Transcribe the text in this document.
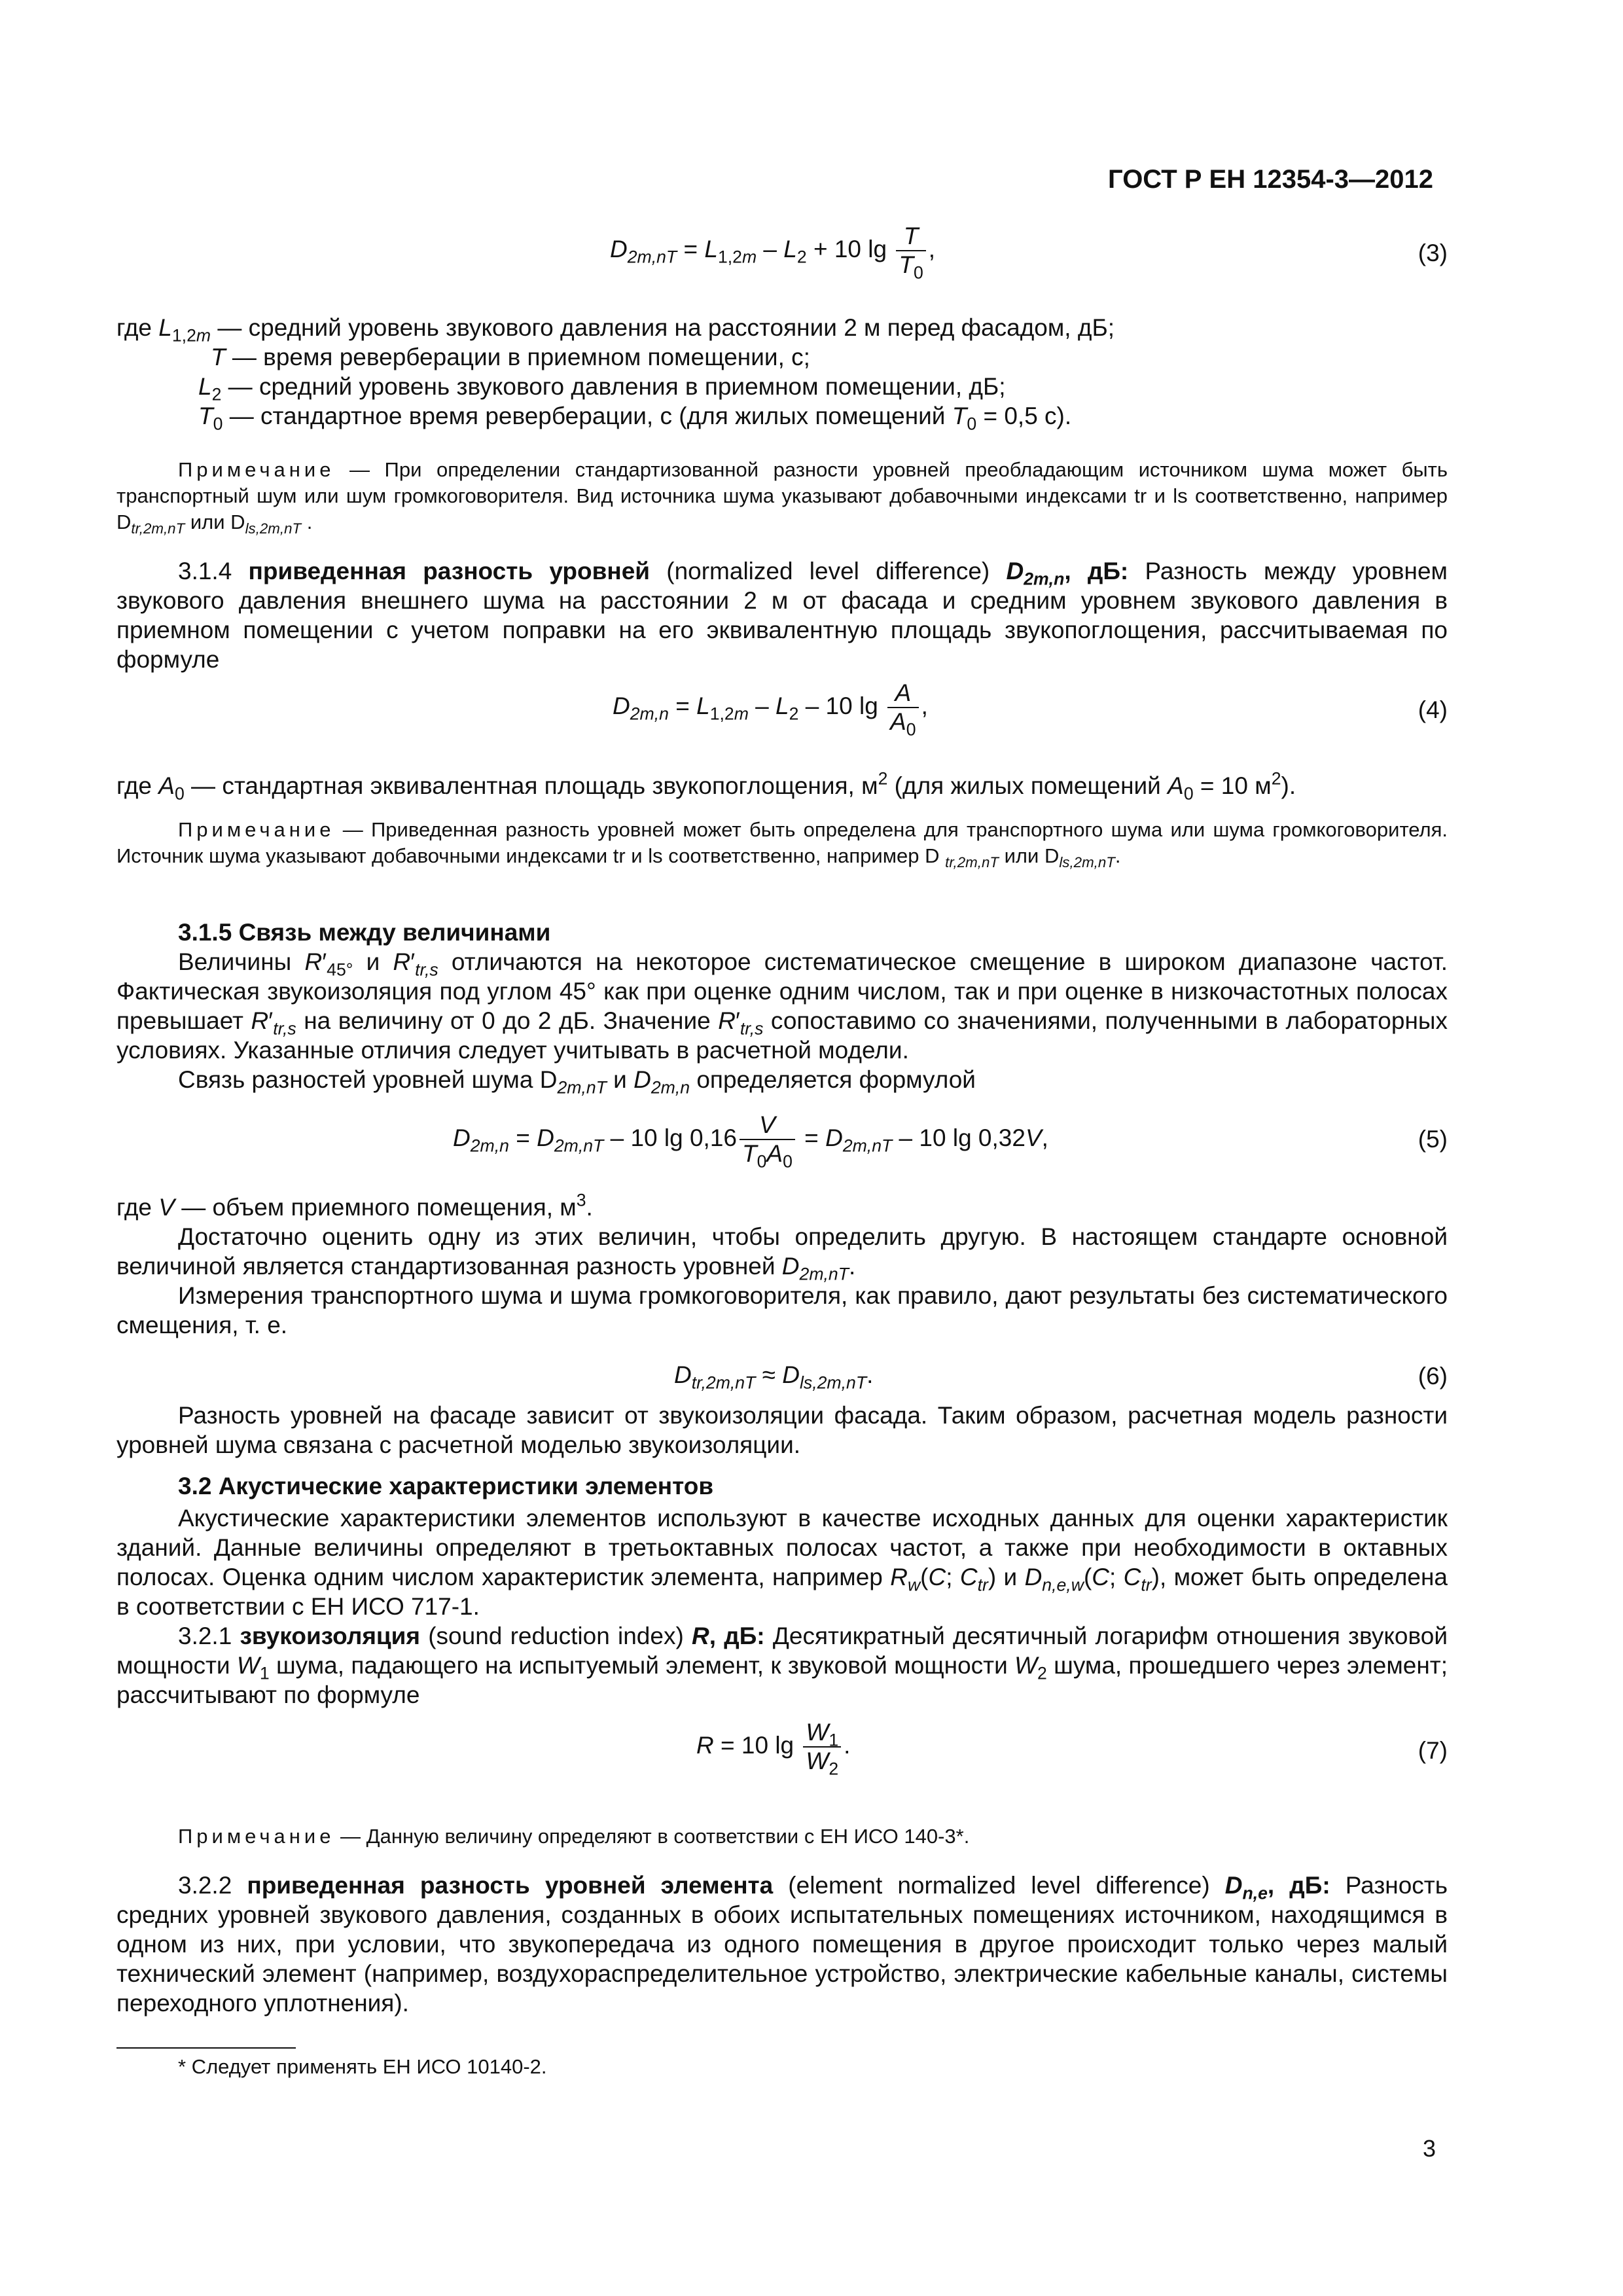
ГОСТ Р ЕН 12354-3—2012
$D_{2m,nT} = L_{1,2m} - L_2 + 10$ $\lg \frac{T}{T_0}$ ,	(3)
где $L_{1,2m}$ — средний уровень звукового давления на расстоянии 2 м перед фасадом, дБ;
T — время реверберации в приемном помещении, с;
$L_2$ — средний уровень звукового давления в приемном помещении, дБ;
$T_0$ — стандартное время реверберации, с (для жилых помещений $T_0 = 0,5$ с).

Примечание — При определении стандартизованной разности уровней преобладающим источником шума может быть транспортный шум или шум громкоговорителя. Вид источника шума указывают добавочными индексами tr и ls соответственно, например $D_{tr,2m,nT}$ или $D_{ls,2m,nT}$ .

3.1.4 приведенная разность уровней (normalized level difference) $D_{2m,n}$, дБ: Разность между уровнем звукового давления внешнего шума на расстоянии 2 м от фасада и средним уровнем звукового давления в приемном помещении с учетом поправки на его эквивалентную площадь звукопоглощения, рассчитываемая по формуле

$D_{2m,n} = L_{1,2m} - L_2 - 10$ $\lg \frac{A}{A_0}$ ,	(4)
где $A_0$ — стандартная эквивалентная площадь звукопоглощения, $м^2$ (для жилых помещений $A_0 = 10$ $м^2$).

Примечание — Приведенная разность уровней может быть определена для транспортного шума или шума громкоговорителя. Источник шума указывают добавочными индексами tr и ls соответственно, например D $_{tr,2m,nT}$ или $D_{ls,2m,nT}$.

3.1.5 Связь между величинами

Величины $R'_{45^\circ}$ и $R'_{tr,s}$ отличаются на некоторое систематическое смещение в широком диапазоне частот. Фактическая звукоизоляция под углом 45° как при оценке одним числом, так и при оценке в низкочастотных полосах превышает $R'_{tr,s}$ на величину от 0 до 2 дБ. Значение $R'_{tr,s}$ сопоставимо со значениями, полученными в лабораторных условиях. Указанные отличия следует учитывать в расчетной модели.

Связь разностей уровней шума $D_{2m,nT}$ и $D_{2m,n}$ определяется формулой

$D_{2m,n} = D_{2m,nT} - 10$ $\lg 0,16 \frac{V}{T_0A_0} = D_{2m,nT} - 10$ lg 0,32V,	(5)

где V — объем приемного помещения, $м^3$.

Достаточно оценить одну из этих величин, чтобы определить другую. В настоящем стандарте основной величиной является стандартизованная разность уровней $D_{2m,nT}$.

Измерения транспортного шума и шума громкоговорителя, как правило, дают результаты без систематического смещения, т. е.

$D_{tr,2m,nT} \approx D_{ls,2m,nT}$.	(6)

Разность уровней на фасаде зависит от звукоизоляции фасада. Таким образом, расчетная модель разности уровней шума связана с расчетной моделью звукоизоляции.

3.2 Акустические характеристики элементов

Акустические характеристики элементов используют в качестве исходных данных для оценки характеристик зданий. Данные величины определяют в третьоктавных полосах частот, а также при необходимости в октавных полосах. Оценка одним числом характеристик элемента, например $R_w(C$; $C_{tr}$) и $D_{n,e,w}(C$; $C_{tr}$), может быть определена в соответствии с ЕН ИСО 717-1.

3.2.1 звукоизоляция (sound reduction index) R, дБ: Десятикратный десятичный логарифм отношения звуковой мощности $W_1$ шума, падающего на испытуемый элемент, к звуковой мощности $W_2$ шума, прошедшего через элемент; рассчитывают по формуле

R = 10 $\lg \frac{W_1}{W_2}$ .	(7)

Примечание — Данную величину определяют в соответствии с ЕН ИСО 140-3*.

3.2.2 приведенная разность уровней элемента (element normalized level difference) $D_{n,e}$, дБ: Разность средних уровней звукового давления, созданных в обоих испытательных помещениях источником, находящимся в одном из них, при условии, что звукопередача из одного помещения в другое происходит только через малый технический элемент (например, воздухораспределительное устройство, электрические кабельные каналы, системы переходного уплотнения).

* Следует применять ЕН ИСО 10140-2.
3
